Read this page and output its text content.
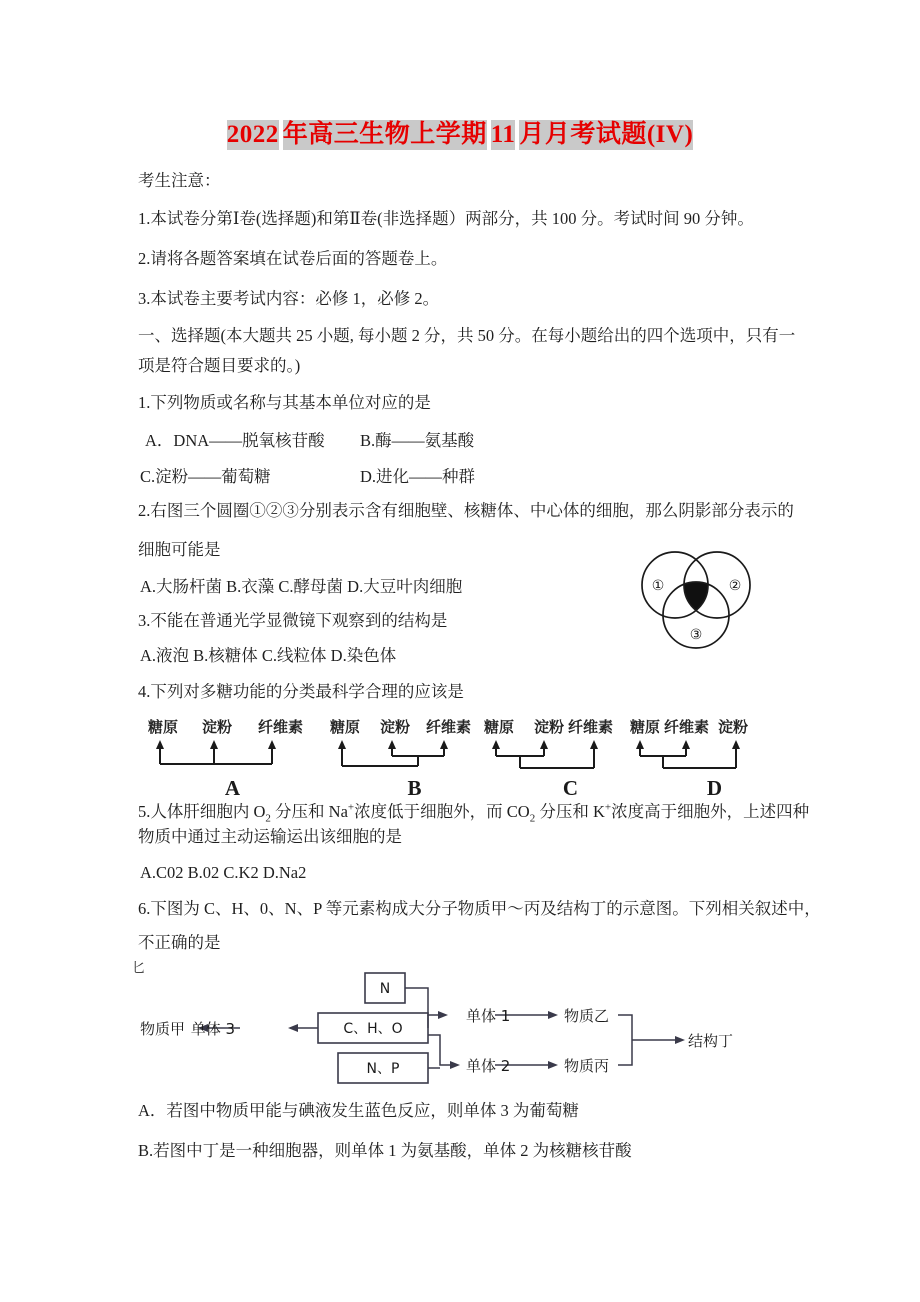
2022 年高三生物上学期 11 月月考试题(IV)
考生注意：
1.本试卷分第Ⅰ卷(选择题)和第Ⅱ卷(非选择题）两部分，共 100 分。考试时间 90 分钟。
2.请将各题答案填在试卷后面的答题卷上。
3.本试卷主要考试内容：必修 1，必修 2。
一、选择题(本大题共 25 小题, 每小题 2 分，共 50 分。在每小题给出的四个选项中，只有一
项是符合题目要求的。)
1.下列物质或名称与其基本单位对应的是
A．DNA——脱氧核苷酸 B.酶——氨基酸
C.淀粉——葡萄糖	D.进化——种群
2.右图三个圆圈①②③分别表示含有细胞壁、核糖体、中心体的细胞，那么阴影部分表示的
细胞可能是
A.大肠杆菌 B.衣藻 C.酵母菌 D.大豆叶肉细胞	①	②
③
3.不能在普通光学显微镜下观察到的结构是
A.液泡 B.核糖体 C.线粒体 D.染色体
4.下列对多糖功能的分类最科学合理的应该是
糖原 淀粉 纤维素
A
糖原 淀粉 纤维素
B
糖原 淀粉 纤维素
C
糖原 纤维素 淀粉
D
5.人体肝细胞内 $O_2$ 分压和 Na+浓度低于细胞外，而 $CO_2$ 分压和 K+浓度高于细胞外，上述四种
物质中通过主动运输运出该细胞的是
A.C02 B.02 C.K2 D.Na2
6.下图为 C、H、0、N、P 等元素构成大分子物质甲～丙及结构丁的示意图。下列相关叙述中，
不正确的是
匕
N
C、H、O
N、P
物质甲 单体 3
单体 1
单体 2
物质乙
物质丙
结构丁
A．若图中物质甲能与碘液发生蓝色反应，则单体 3 为葡萄糖
B.若图中丁是一种细胞器，则单体 1 为氨基酸，单体 2 为核糖核苷酸
